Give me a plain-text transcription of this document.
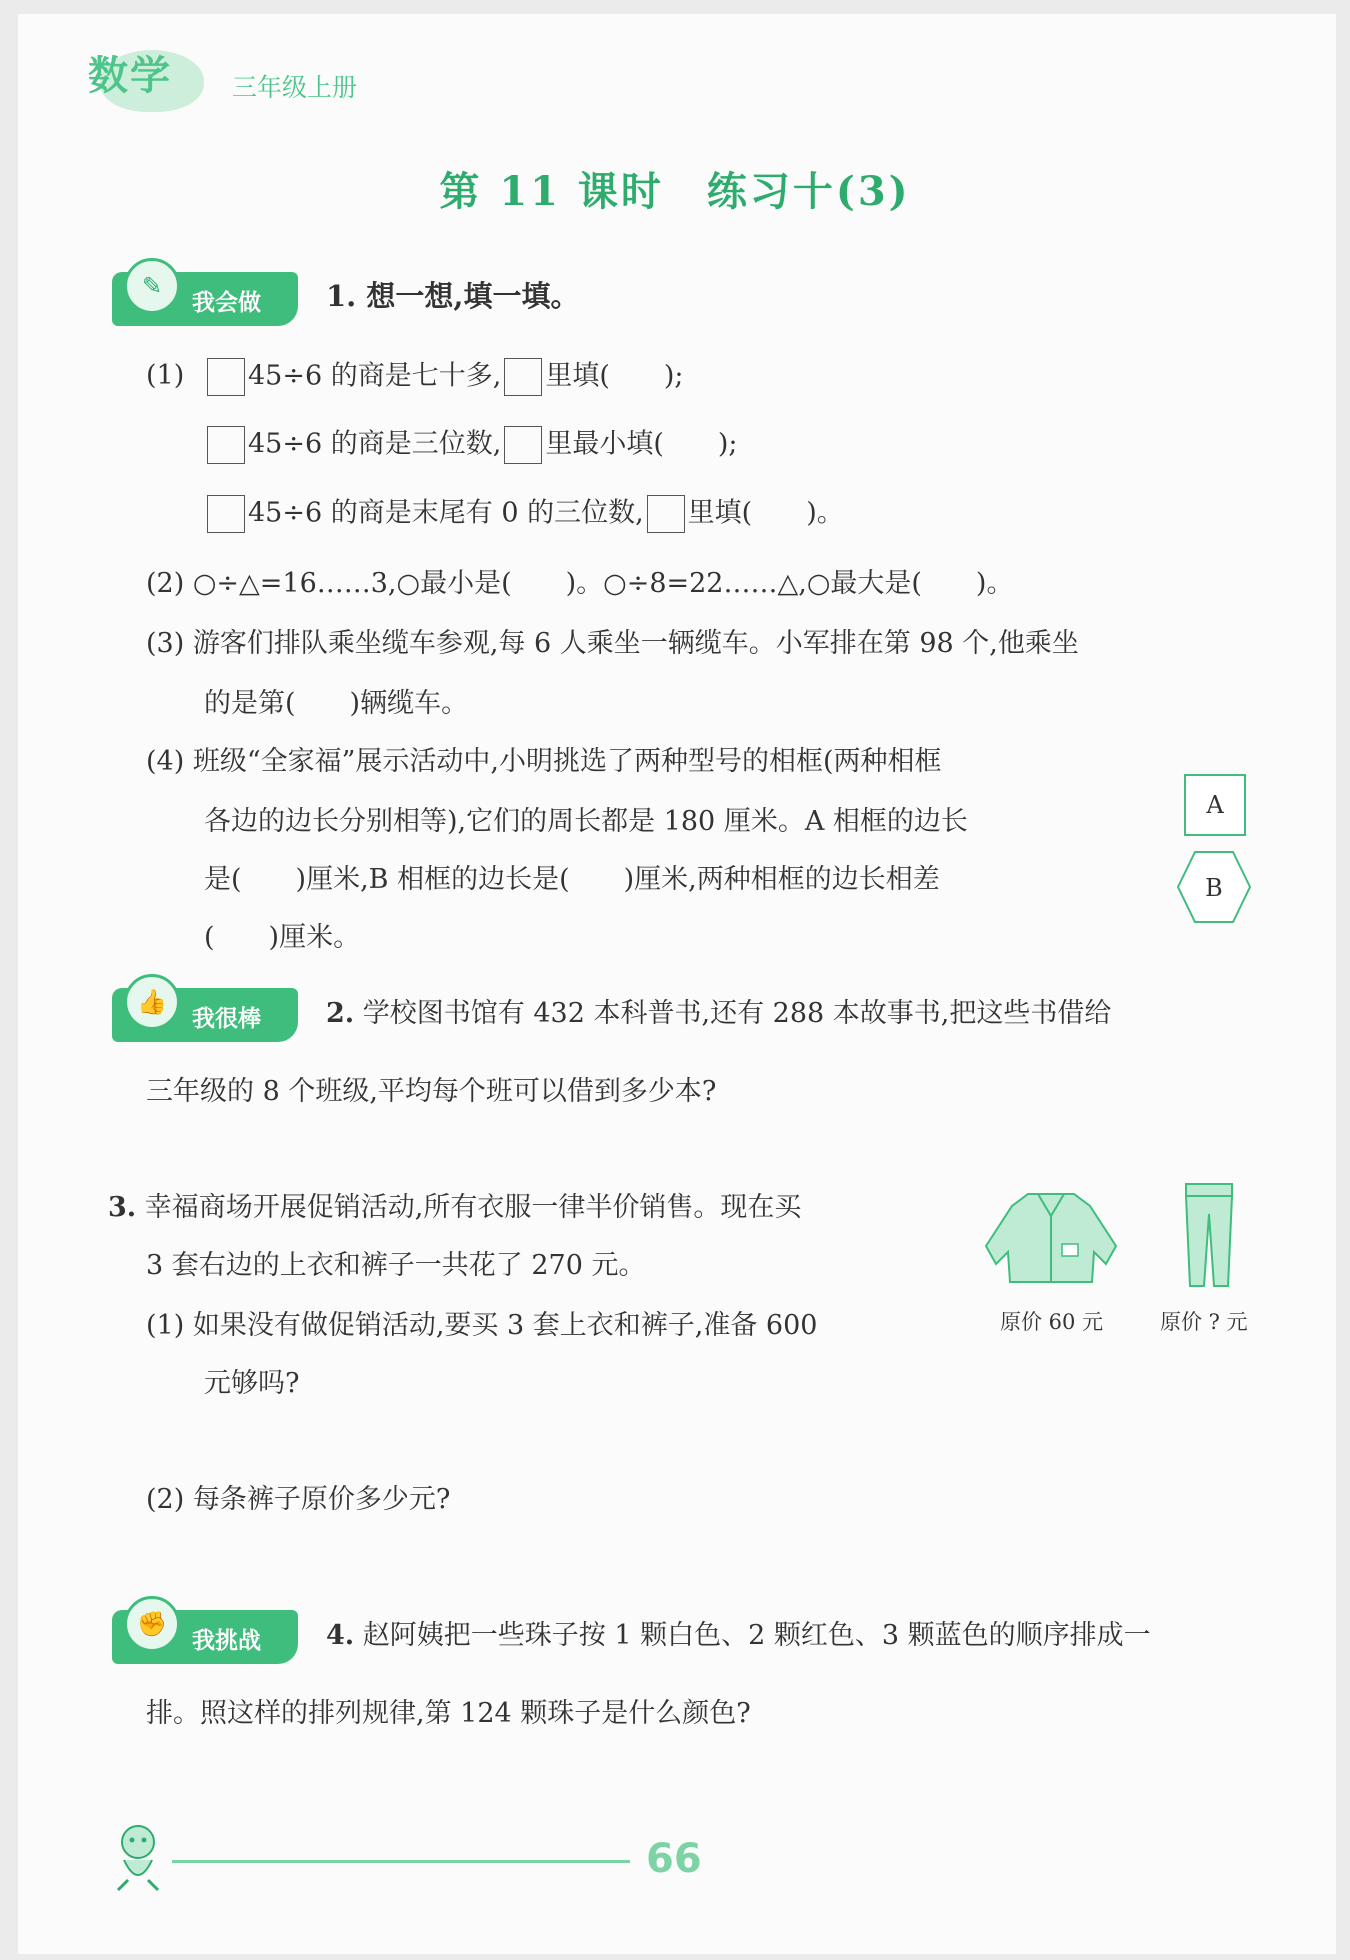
数学 三年级上册
第 11 课时　练习十(3)
✎
我会做 1. 想一想,填一填。
(1)	45÷6 的商是七十多, 里填(　　);
45÷6 的商是三位数, 里最小填(　　);
45÷6 的商是末尾有 0 的三位数, 里填(　　)。
(2) ○÷△=16……3,○最小是(　　)。○÷8=22……△,○最大是(　　)。
(3) 游客们排队乘坐缆车参观,每 6 人乘坐一辆缆车。小军排在第 98 个,他乘坐
的是第(　　)辆缆车。
(4) 班级“全家福”展示活动中,小明挑选了两种型号的相框(两种相框
各边的边长分别相等),它们的周长都是 180 厘米。A 相框的边长
是(　　)厘米,B 相框的边长是(　　)厘米,两种相框的边长相差
(　　)厘米。
A
B
👍
我很棒 2. 学校图书馆有 432 本科普书,还有 288 本故事书,把这些书借给
三年级的 8 个班级,平均每个班可以借到多少本?
3. 幸福商场开展促销活动,所有衣服一律半价销售。现在买
3 套右边的上衣和裤子一共花了 270 元。
(1) 如果没有做促销活动,要买 3 套上衣和裤子,准备 600
元够吗?
(2) 每条裤子原价多少元?
原价 60 元	原价 ? 元
✊
我挑战 4. 赵阿姨把一些珠子按 1 颗白色、2 颗红色、3 颗蓝色的顺序排成一
排。照这样的排列规律,第 124 颗珠子是什么颜色?
66
